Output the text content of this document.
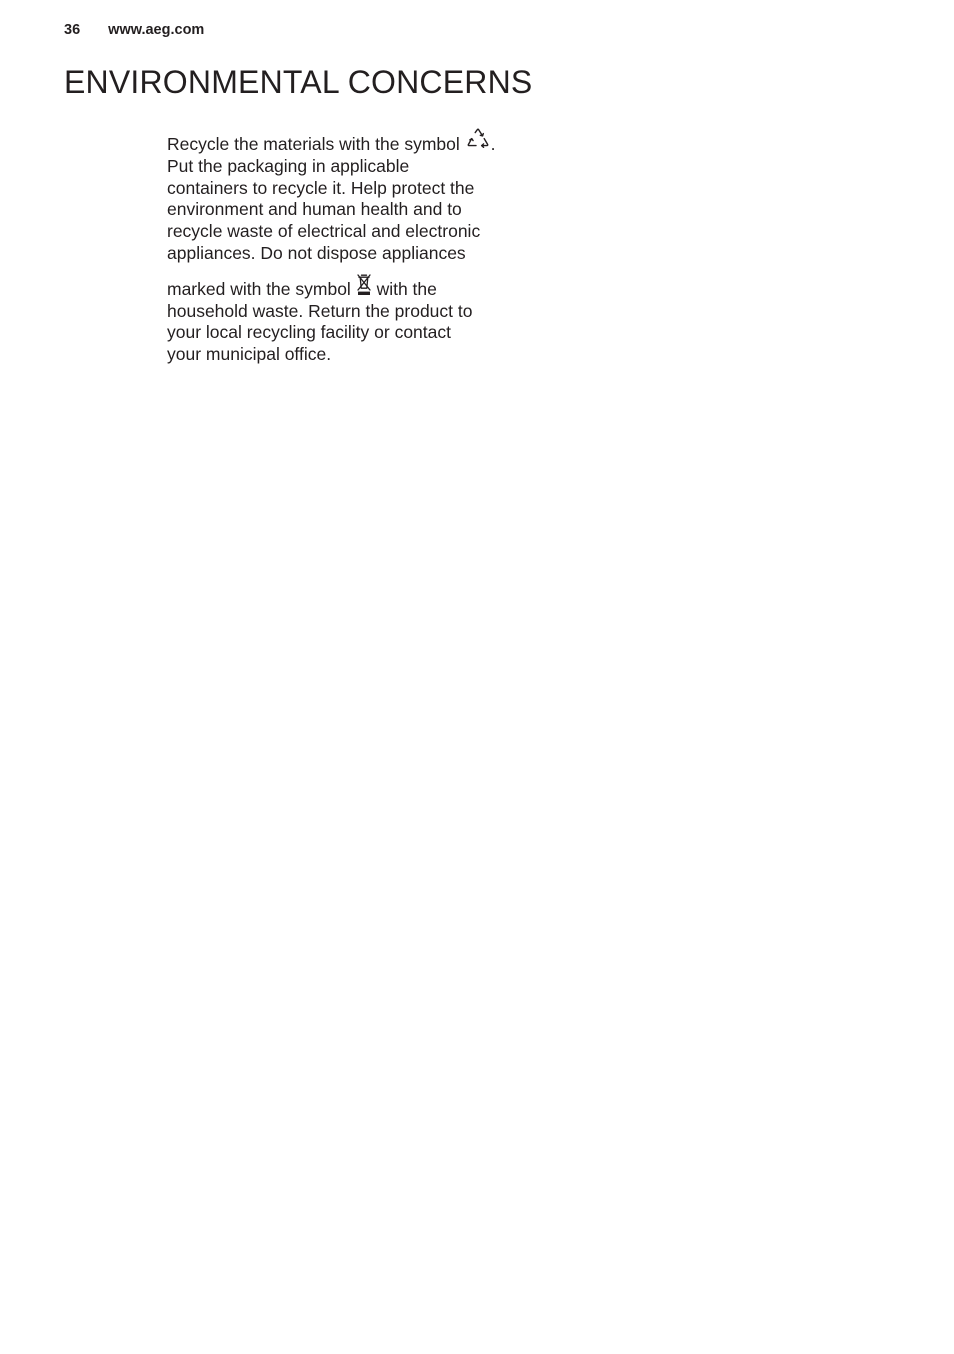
36 www.aeg.com
ENVIRONMENTAL CONCERNS
Recycle the materials with the symbol .
Put the packaging in applicable
containers to recycle it. Help protect the
environment and human health and to
recycle waste of electrical and electronic
appliances. Do not dispose appliances
marked with the symbol with the
household waste. Return the product to
your local recycling facility or contact
your municipal office.
